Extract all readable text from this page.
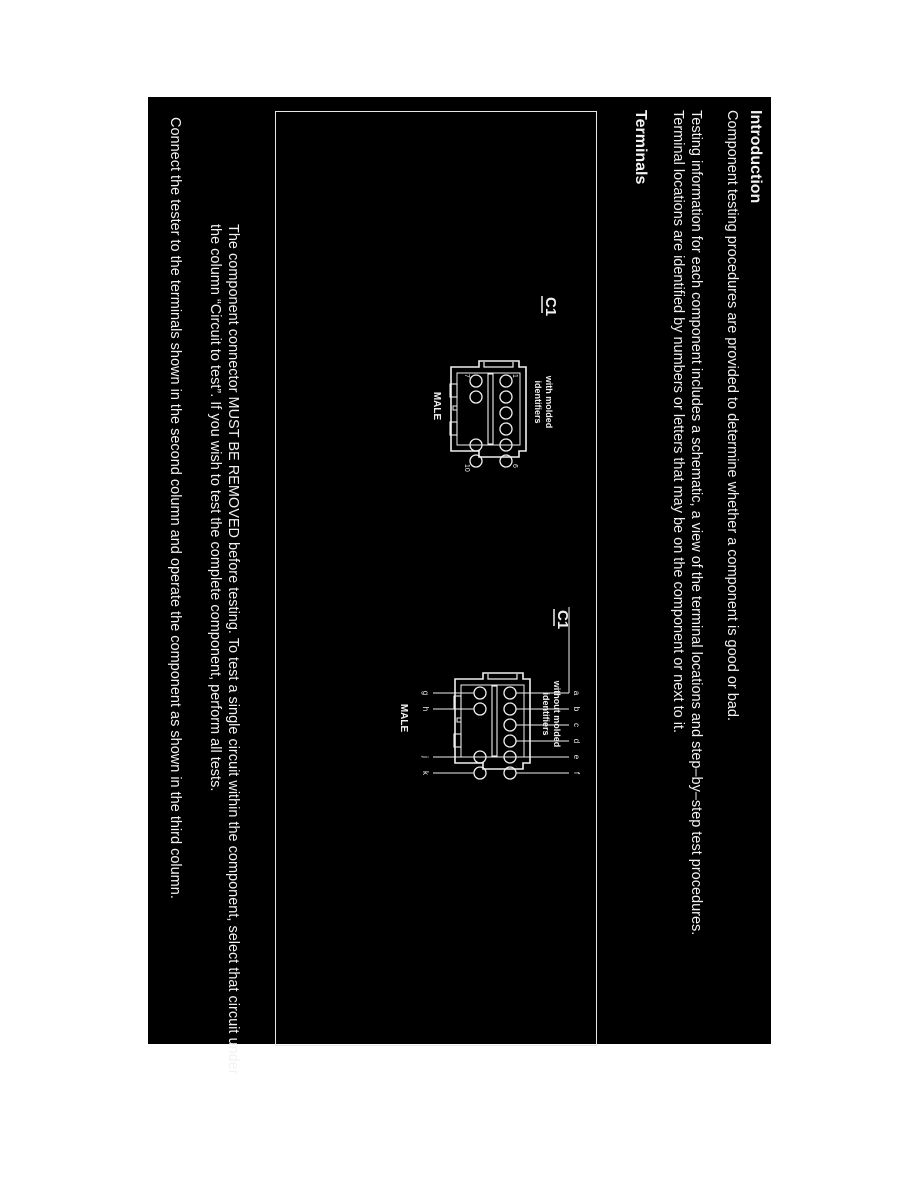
Introduction
Component testing procedures are provided to determine whether a component is good or bad.
Testing information for each component includes a schematic, a view of the terminal locations and step–by–step test procedures.
Terminal locations are identified by numbers or letters that may be on the component or next to it.
Terminals
C1
with molded
identifiers
1
7
6
10
MALE
C1
without molded
identifiers	a
b
c
d
e
f
g
h
j
k
MALE
The component connector MUST BE REMOVED before testing. To test a single circuit within the component, select that circuit under
the column “Circuit to test”. If you wish to test the complete component, perform all tests.
Connect the tester to the terminals shown in the second column and operate the component as shown in the third column.
